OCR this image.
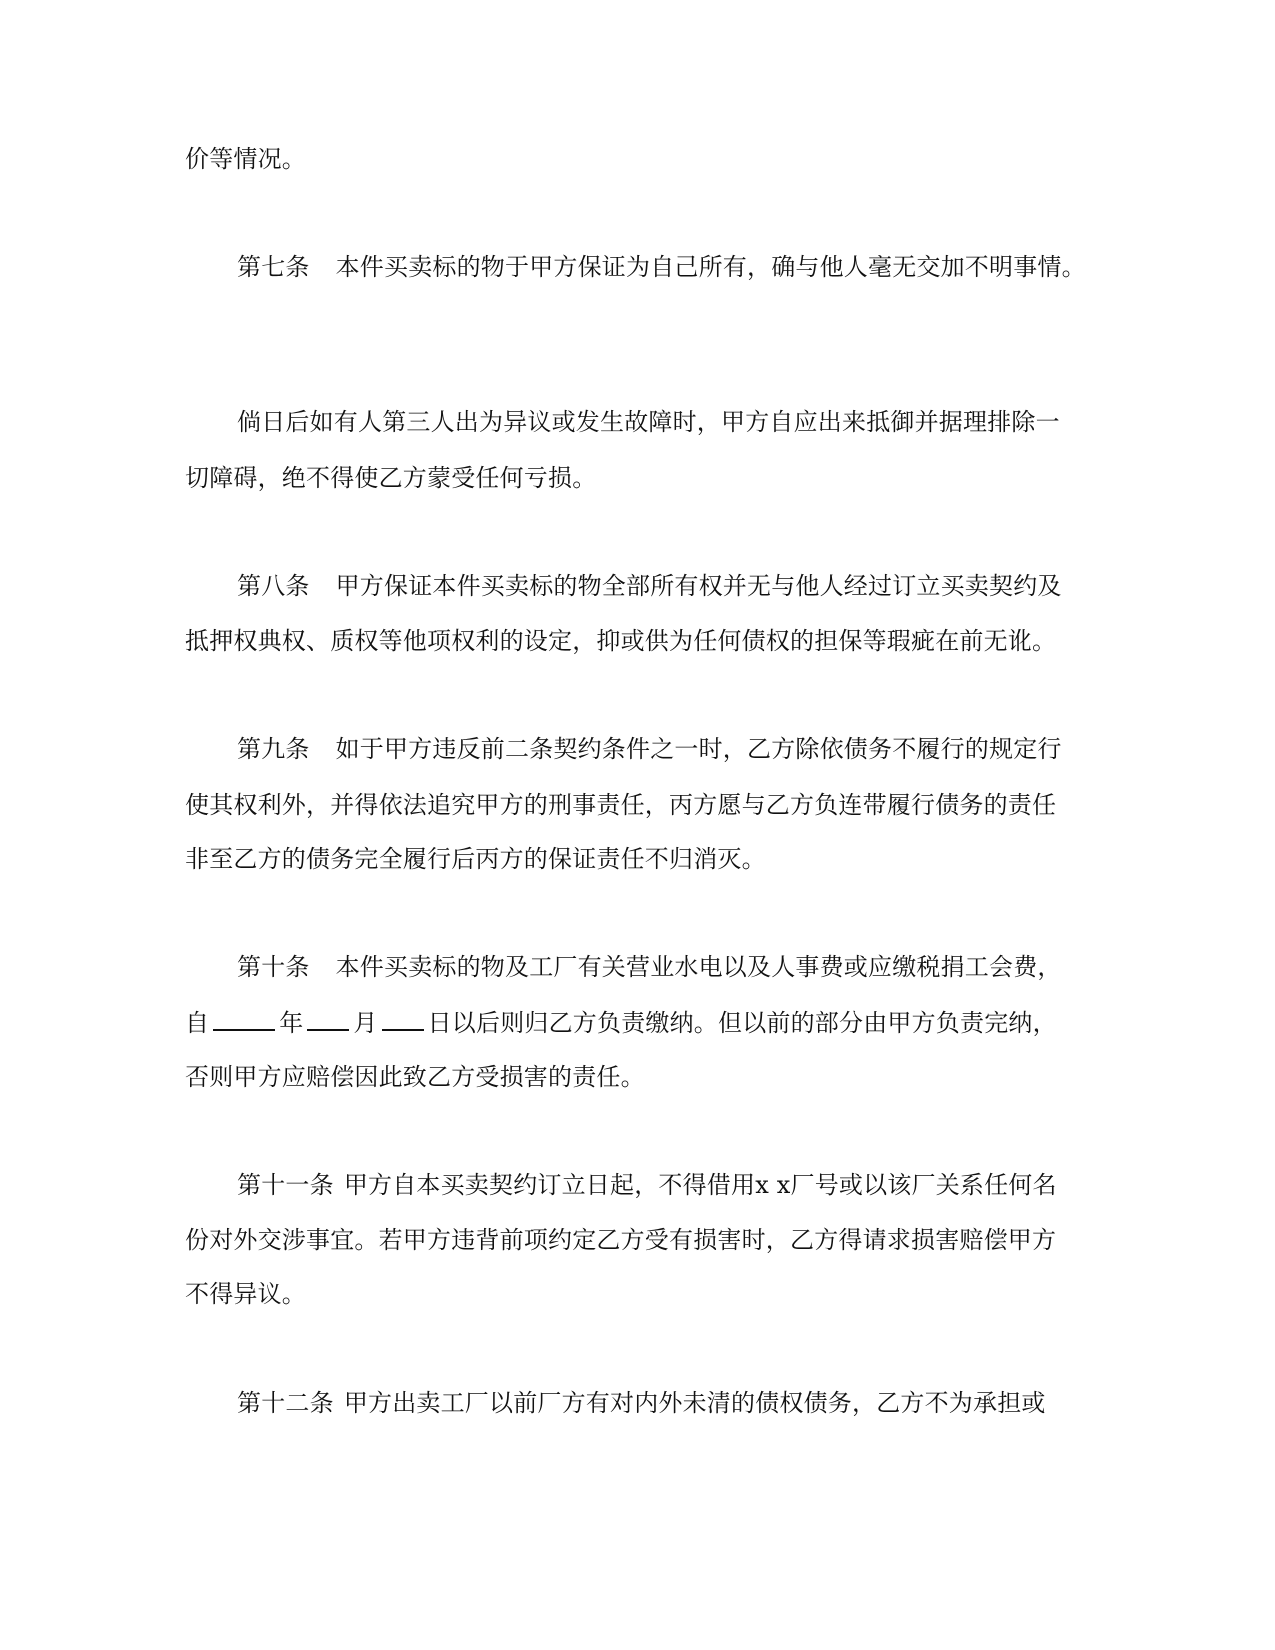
价等情况。
第七条 本件买卖标的物于甲方保证为自己所有，确与他人毫无交加不明事情。
倘日后如有人第三人出为异议或发生故障时，甲方自应出来抵御并据理排除一
切障碍，绝不得使乙方蒙受任何亏损。
第八条 甲方保证本件买卖标的物全部所有权并无与他人经过订立买卖契约及
抵押权典权、质权等他项权利的设定，抑或供为任何债权的担保等瑕疵在前无讹。
第九条 如于甲方违反前二条契约条件之一时，乙方除依债务不履行的规定行
使其权利外，并得依法追究甲方的刑事责任，丙方愿与乙方负连带履行债务的责任
非至乙方的债务完全履行后丙方的保证责任不归消灭。
第十条 本件买卖标的物及工厂有关营业水电以及人事费或应缴税捐工会费，
自	年 月 日以后则归乙方负责缴纳。但以前的部分由甲方负责完纳，
否则甲方应赔偿因此致乙方受损害的责任。
第十一条 甲方自本买卖契约订立日起，不得借用x x厂号或以该厂关系任何名
份对外交涉事宜。若甲方违背前项约定乙方受有损害时，乙方得请求损害赔偿甲方
不得异议。
第十二条 甲方出卖工厂以前厂方有对内外未清的债权债务，乙方不为承担或
